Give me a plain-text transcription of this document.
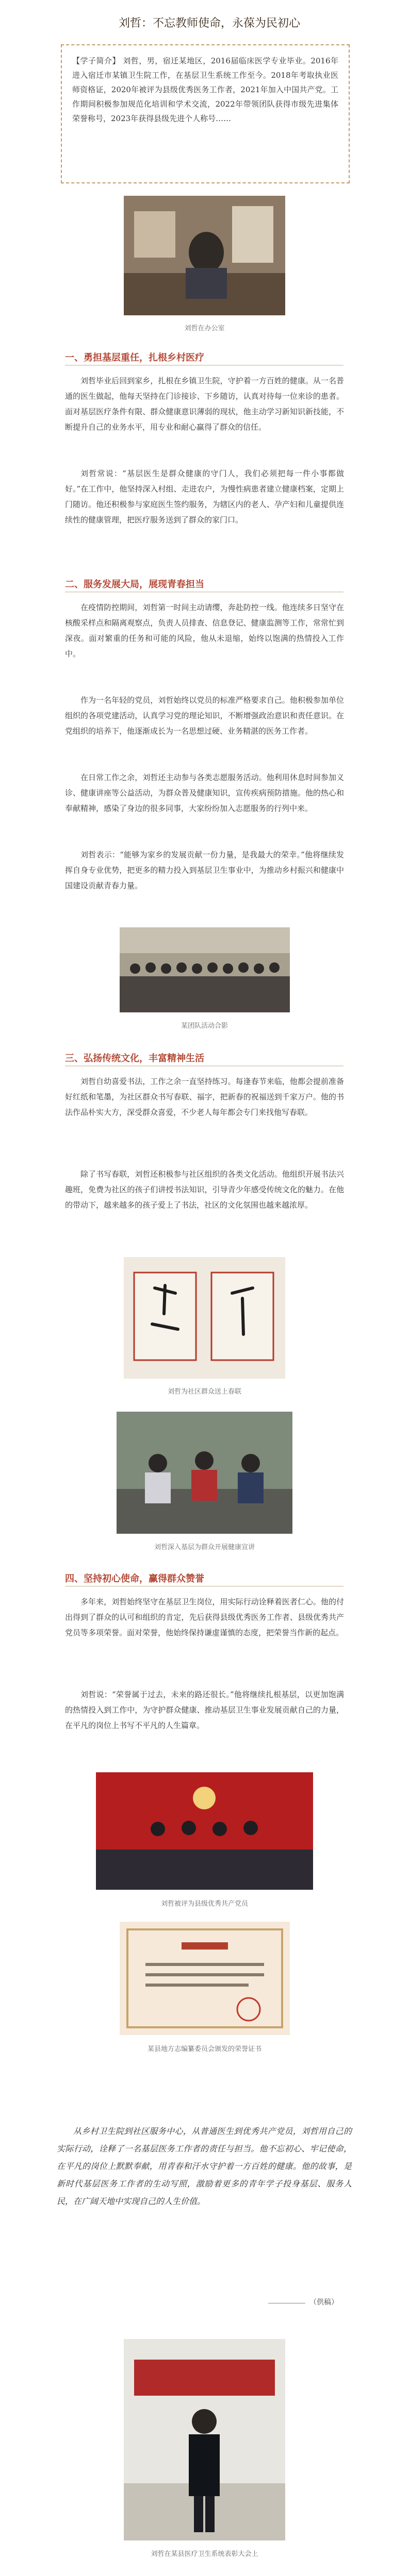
刘哲：不忘教师使命，永葆为民初心
【学子简介】 刘哲，男，宿迁某地区，2016届临床医学专业毕业。2016年进入宿迁市某镇卫生院工作，在基层卫生系统工作至今。2018年考取执业医师资格证，2020年被评为县级优秀医务工作者，2021年加入中国共产党。工作期间积极参加规范化培训和学术交流，2022年带领团队获得市级先进集体荣誉称号，2023年获得县级先进个人称号……
刘哲在办公室
一、勇担基层重任，扎根乡村医疗
刘哲毕业后回到家乡，扎根在乡镇卫生院，守护着一方百姓的健康。从一名普通的医生做起，他每天坚持在门诊接诊、下乡随访，认真对待每一位来诊的患者。面对基层医疗条件有限、群众健康意识薄弱的现状，他主动学习新知识新技能，不断提升自己的业务水平，用专业和耐心赢得了群众的信任。
刘哲常说：“基层医生是群众健康的守门人，我们必须把每一件小事都做好。”在工作中，他坚持深入村组、走进农户，为慢性病患者建立健康档案，定期上门随访。他还积极参与家庭医生签约服务，为辖区内的老人、孕产妇和儿童提供连续性的健康管理，把医疗服务送到了群众的家门口。
二、服务发展大局，展现青春担当
在疫情防控期间，刘哲第一时间主动请缨，奔赴防控一线。他连续多日坚守在核酸采样点和隔离观察点，负责人员排查、信息登记、健康监测等工作，常常忙到深夜。面对繁重的任务和可能的风险，他从未退缩，始终以饱满的热情投入工作中。
作为一名年轻的党员，刘哲始终以党员的标准严格要求自己。他积极参加单位组织的各项党建活动，认真学习党的理论知识，不断增强政治意识和责任意识。在党组织的培养下，他逐渐成长为一名思想过硬、业务精湛的医务工作者。
在日常工作之余，刘哲还主动参与各类志愿服务活动。他利用休息时间参加义诊、健康讲座等公益活动，为群众普及健康知识，宣传疾病预防措施。他的热心和奉献精神，感染了身边的很多同事，大家纷纷加入志愿服务的行列中来。
刘哲表示：“能够为家乡的发展贡献一份力量，是我最大的荣幸。”他将继续发挥自身专业优势，把更多的精力投入到基层卫生事业中，为推动乡村振兴和健康中国建设贡献青春力量。
某团队活动合影
三、弘扬传统文化，丰富精神生活
刘哲自幼喜爱书法，工作之余一直坚持练习。每逢春节来临，他都会提前准备好红纸和笔墨，为社区群众书写春联、福字，把新春的祝福送到千家万户。他的书法作品朴实大方，深受群众喜爱，不少老人每年都会专门来找他写春联。
除了书写春联，刘哲还积极参与社区组织的各类文化活动。他组织开展书法兴趣班，免费为社区的孩子们讲授书法知识，引导青少年感受传统文化的魅力。在他的带动下，越来越多的孩子爱上了书法，社区的文化氛围也越来越浓厚。
刘哲为社区群众送上春联
刘哲深入基层为群众开展健康宣讲
四、坚持初心使命，赢得群众赞誉
多年来，刘哲始终坚守在基层卫生岗位，用实际行动诠释着医者仁心。他的付出得到了群众的认可和组织的肯定，先后获得县级优秀医务工作者、县级优秀共产党员等多项荣誉。面对荣誉，他始终保持谦虚谨慎的态度，把荣誉当作新的起点。
刘哲说：“荣誉属于过去，未来的路还很长。”他将继续扎根基层，以更加饱满的热情投入到工作中，为守护群众健康、推动基层卫生事业发展贡献自己的力量，在平凡的岗位上书写不平凡的人生篇章。
刘哲被评为县级优秀共产党员
某县地方志编纂委员会颁发的荣誉证书
从乡村卫生院到社区服务中心，从普通医生到优秀共产党员，刘哲用自己的实际行动，诠释了一名基层医务工作者的责任与担当。他不忘初心、牢记使命，在平凡的岗位上默默奉献，用青春和汗水守护着一方百姓的健康。他的故事，是新时代基层医务工作者的生动写照，激励着更多的青年学子投身基层、服务人民，在广阔天地中实现自己的人生价值。
（供稿）
刘哲在某县医疗卫生系统表彰大会上
